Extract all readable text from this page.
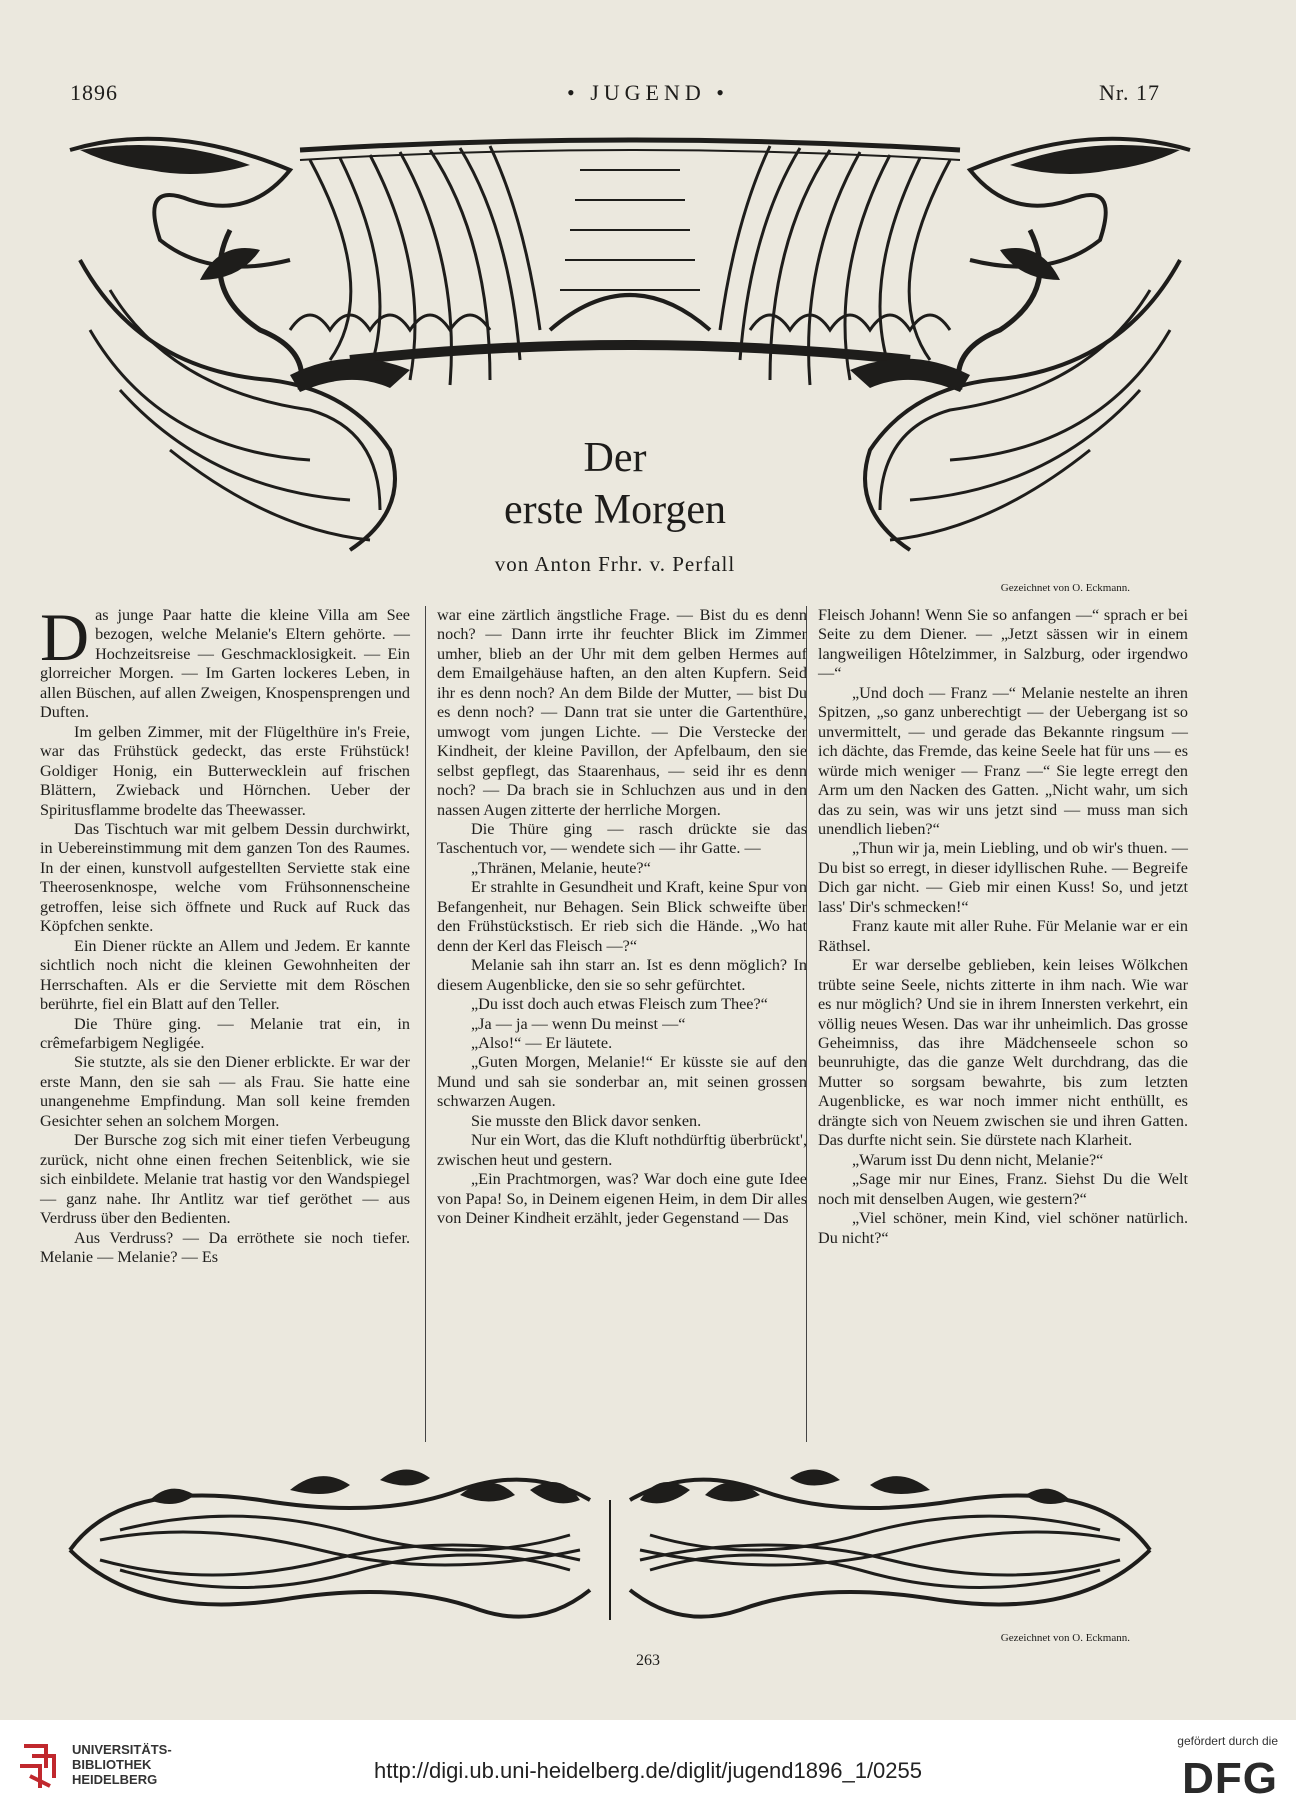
1896	• JUGEND •	Nr. 17
Der
erste Morgen
von Anton Frhr. v. Perfall
Gezeichnet von O. Eckmann.

Das junge Paar hatte die kleine Villa am See bezogen, welche Melanie's Eltern gehörte. — Hochzeitsreise — Geschmacklosigkeit. — Ein glorreicher Morgen. — Im Garten lockeres Leben, in allen Büschen, auf allen Zweigen, Knospensprengen und Duften.

Im gelben Zimmer, mit der Flügelthüre in's Freie, war das Frühstück gedeckt, das erste Frühstück! Goldiger Honig, ein Butterwecklein auf frischen Blättern, Zwieback und Hörnchen. Ueber der Spiritusflamme brodelte das Theewasser.

Das Tischtuch war mit gelbem Dessin durchwirkt, in Uebereinstimmung mit dem ganzen Ton des Raumes. In der einen, kunstvoll aufgestellten Serviette stak eine Theerosenknospe, welche vom Frühsonnenscheine getroffen, leise sich öffnete und Ruck auf Ruck das Köpfchen senkte.

Ein Diener rückte an Allem und Jedem. Er kannte sichtlich noch nicht die kleinen Gewohnheiten der Herrschaften. Als er die Serviette mit dem Röschen berührte, fiel ein Blatt auf den Teller.

Die Thüre ging. — Melanie trat ein, in crêmefarbigem Negligée.

Sie stutzte, als sie den Diener erblickte. Er war der erste Mann, den sie sah — als Frau. Sie hatte eine unangenehme Empfindung. Man soll keine fremden Gesichter sehen an solchem Morgen.

Der Bursche zog sich mit einer tiefen Verbeugung zurück, nicht ohne einen frechen Seitenblick, wie sie sich einbildete. Melanie trat hastig vor den Wandspiegel — ganz nahe. Ihr Antlitz war tief geröthet — aus Verdruss über den Bedienten.

Aus Verdruss? — Da erröthete sie noch tiefer. Melanie — Melanie? — Es

war eine zärtlich ängstliche Frage. — Bist du es denn noch? — Dann irrte ihr feuchter Blick im Zimmer umher, blieb an der Uhr mit dem gelben Hermes auf dem Emailgehäuse haften, an den alten Kupfern. Seid ihr es denn noch? An dem Bilde der Mutter, — bist Du es denn noch? — Dann trat sie unter die Gartenthüre, umwogt vom jungen Lichte. — Die Verstecke der Kindheit, der kleine Pavillon, der Apfelbaum, den sie selbst gepflegt, das Staarenhaus, — seid ihr es denn noch? — Da brach sie in Schluchzen aus und in den nassen Augen zitterte der herrliche Morgen.

Die Thüre ging — rasch drückte sie das Taschentuch vor, — wendete sich — ihr Gatte. —

„Thränen, Melanie, heute?“

Er strahlte in Gesundheit und Kraft, keine Spur von Befangenheit, nur Behagen. Sein Blick schweifte über den Frühstückstisch. Er rieb sich die Hände. „Wo hat denn der Kerl das Fleisch —?“

Melanie sah ihn starr an. Ist es denn möglich? In diesem Augenblicke, den sie so sehr gefürchtet.

„Du isst doch auch etwas Fleisch zum Thee?“

„Ja — ja — wenn Du meinst —“

„Also!“ — Er läutete.

„Guten Morgen, Melanie!“ Er küsste sie auf den Mund und sah sie sonderbar an, mit seinen grossen schwarzen Augen.

Sie musste den Blick davor senken.

Nur ein Wort, das die Kluft nothdürftig überbrückt', zwischen heut und gestern.

„Ein Prachtmorgen, was? War doch eine gute Idee von Papa! So, in Deinem eigenen Heim, in dem Dir alles von Deiner Kindheit erzählt, jeder Gegenstand — Das

Fleisch Johann! Wenn Sie so anfangen —“ sprach er bei Seite zu dem Diener. — „Jetzt sässen wir in einem langweiligen Hôtelzimmer, in Salzburg, oder irgendwo —“

„Und doch — Franz —“ Melanie nestelte an ihren Spitzen, „so ganz unberechtigt — der Uebergang ist so unvermittelt, — und gerade das Bekannte ringsum — ich dächte, das Fremde, das keine Seele hat für uns — es würde mich weniger — Franz —“ Sie legte erregt den Arm um den Nacken des Gatten. „Nicht wahr, um sich das zu sein, was wir uns jetzt sind — muss man sich unendlich lieben?“

„Thun wir ja, mein Liebling, und ob wir's thuen. — Du bist so erregt, in dieser idyllischen Ruhe. — Begreife Dich gar nicht. — Gieb mir einen Kuss! So, und jetzt lass' Dir's schmecken!“

Franz kaute mit aller Ruhe. Für Melanie war er ein Räthsel.

Er war derselbe geblieben, kein leises Wölkchen trübte seine Seele, nichts zitterte in ihm nach. Wie war es nur möglich? Und sie in ihrem Innersten verkehrt, ein völlig neues Wesen. Das war ihr unheimlich. Das grosse Geheimniss, das ihre Mädchenseele schon so beunruhigte, das die ganze Welt durchdrang, das die Mutter so sorgsam bewahrte, bis zum letzten Augenblicke, es war noch immer nicht enthüllt, es drängte sich von Neuem zwischen sie und ihren Gatten. Das durfte nicht sein. Sie dürstete nach Klarheit.

„Warum isst Du denn nicht, Melanie?“

„Sage mir nur Eines, Franz. Siehst Du die Welt noch mit denselben Augen, wie gestern?“

„Viel schöner, mein Kind, viel schöner natürlich. Du nicht?“

Gezeichnet von O. Eckmann.
263
UNIVERSITÄTS-
BIBLIOTHEK
HEIDELBERG	http://digi.ub.uni-heidelberg.de/diglit/jugend1896_1/0255
gefördert durch die
DFG
